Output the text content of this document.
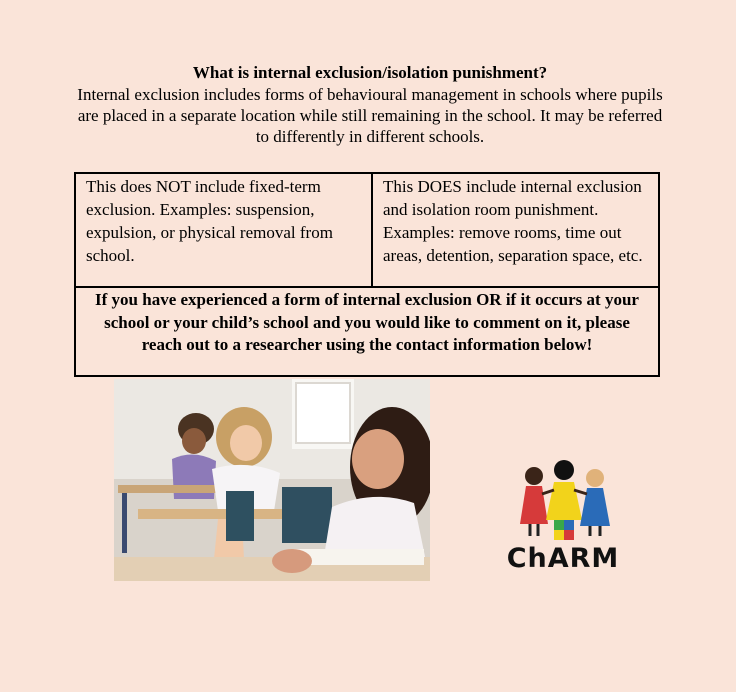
What is internal exclusion/isolation punishment?
Internal exclusion includes forms of behavioural management in schools where pupils are placed in a separate location while still remaining in the school. It may be referred to differently in different schools.
This does NOT include fixed-term exclusion. Examples: suspension, expulsion, or physical removal from school.
This DOES include internal exclusion and isolation room punishment. Examples: remove rooms, time out areas, detention, separation space, etc.
If you have experienced a form of internal exclusion OR if it occurs at your school or your child’s school and you would like to comment on it, please reach out to a researcher using the contact information below!
ChARM
